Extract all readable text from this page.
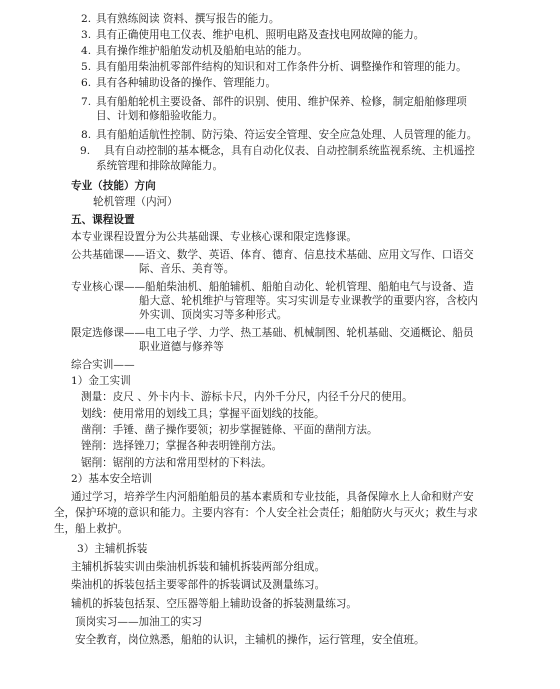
2. 具有熟练阅读 资料、撰写报告的能力。
3. 具有正确使用电工仪表、维护电机、照明电路及查找电网故障的能力。
4. 具有操作维护船舶发动机及船舶电站的能力。
5. 具有船用柴油机零部件结构的知识和对工作条件分析、调整操作和管理的能力。
6. 具有各种辅助设备的操作、管理能力。
7. 具有船舶轮机主要设备、部件的识别、使用、维护保养、检修，制定船舶修理项
目、计划和修船验收能力。
8. 具有船舶适航性控制、防污染、符运安全管理、安全应急处理、人员管理的能力。
9. 具有自动控制的基本概念，具有自动化仪表、自动控制系统监视系统、主机遥控
系统管理和排除故障能力。
专业（技能）方向
轮机管理（内河）
五、课程设置
本专业课程设置分为公共基础课、专业核心课和限定选修课。
公共基础课——语文、数学、英语、体育、德育、信息技术基础、应用文写作、口语交
际、音乐、美育等。
专业核心课——船舶柴油机、船舶辅机、船舶自动化、轮机管理、船舶电气与设备、造
船大意、轮机维护与管理等。实习实训是专业课教学的重要内容，含校内
外实训、顶岗实习等多种形式。
限定选修课——电工电子学、力学、热工基础、机械制图、轮机基础、交通概论、船员
职业道德与修养等
综合实训——
1）金工实训
测量：皮尺 、外卡内卡、游标卡尺，内外千分尺，内径千分尺的使用。
划线：使用常用的划线工具；掌握平面划线的技能。
凿削：手锤、凿子操作要领；初步掌握链條、平面的凿削方法。
锉削：选择锉刀；掌握各种表明锉削方法。
锯削：锯削的方法和常用型材的下料法。
2）基本安全培训
通过学习，培养学生内河船舶船员的基本素质和专业技能，具备保障水上人命和财产安
全，保护环境的意识和能力。主要内容有：个人安全社会责任；船舶防火与灭火；救生与求
生，船上救护。
3）主辅机拆装
主辅机拆装实训由柴油机拆装和辅机拆装两部分组成。
柴油机的拆装包括主要零部件的拆装调试及测量练习。
辅机的拆装包括泵、空压器等船上辅助设备的拆装测量练习。
顶岗实习——加油工的实习
安全教育，岗位熟悉，船舶的认识，主辅机的操作，运行管理，安全值班。
